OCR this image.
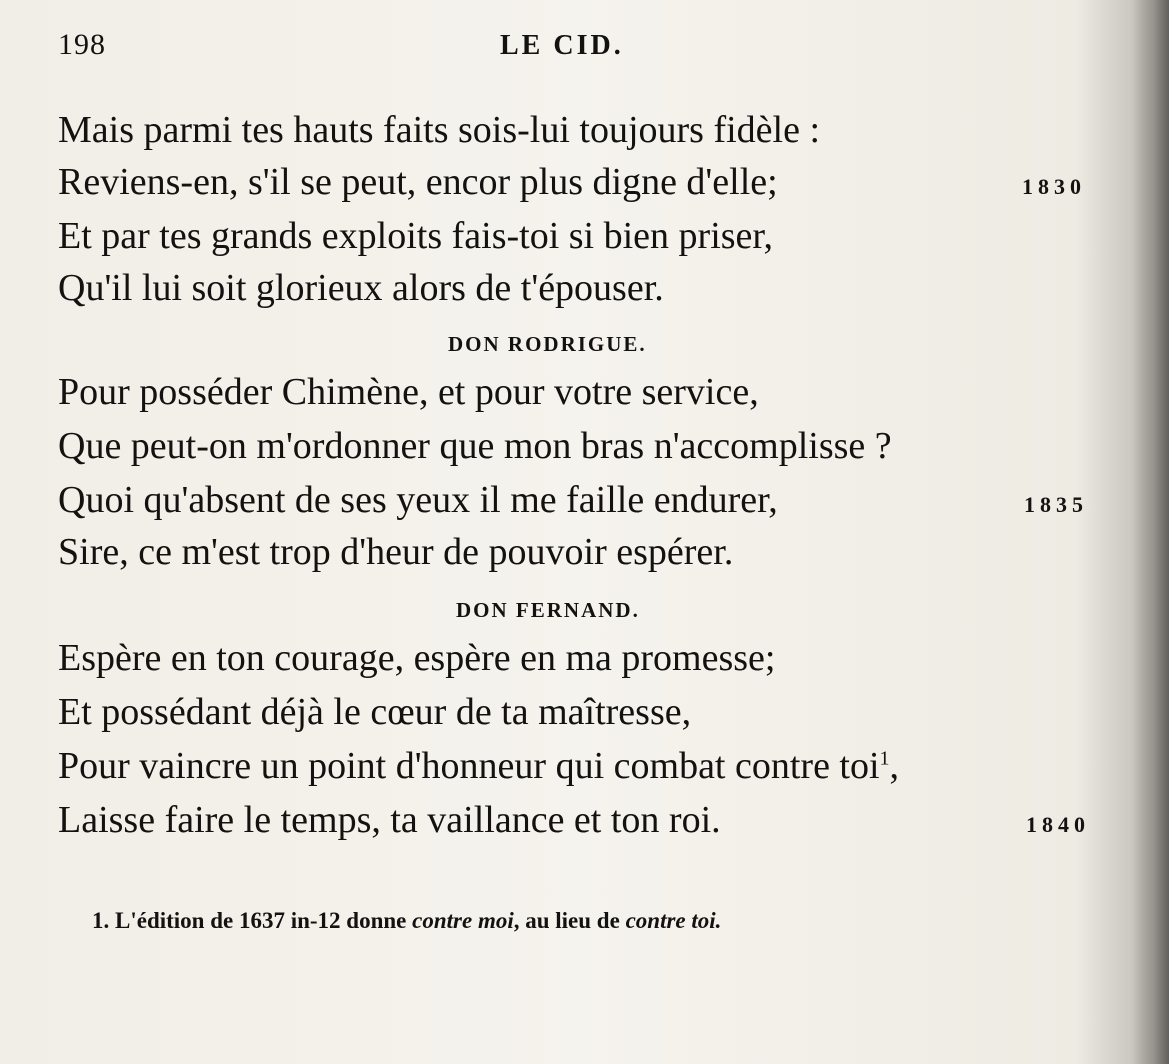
198	LE CID.
Mais parmi tes hauts faits sois-lui toujours fidèle :
Reviens-en, s'il se peut, encor plus digne d'elle;	1830
Et par tes grands exploits fais-toi si bien priser,
Qu'il lui soit glorieux alors de t'épouser.
DON RODRIGUE.
Pour posséder Chimène, et pour votre service,
Que peut-on m'ordonner que mon bras n'accomplisse ?
Quoi qu'absent de ses yeux il me faille endurer,	1835
Sire, ce m'est trop d'heur de pouvoir espérer.
DON FERNAND.
Espère en ton courage, espère en ma promesse;
Et possédant déjà le cœur de ta maîtresse,
Pour vaincre un point d'honneur qui combat contre toi$^1$,
Laisse faire le temps, ta vaillance et ton roi.	1840
1. L'édition de 1637 in-12 donne contre moi, au lieu de contre toi.
